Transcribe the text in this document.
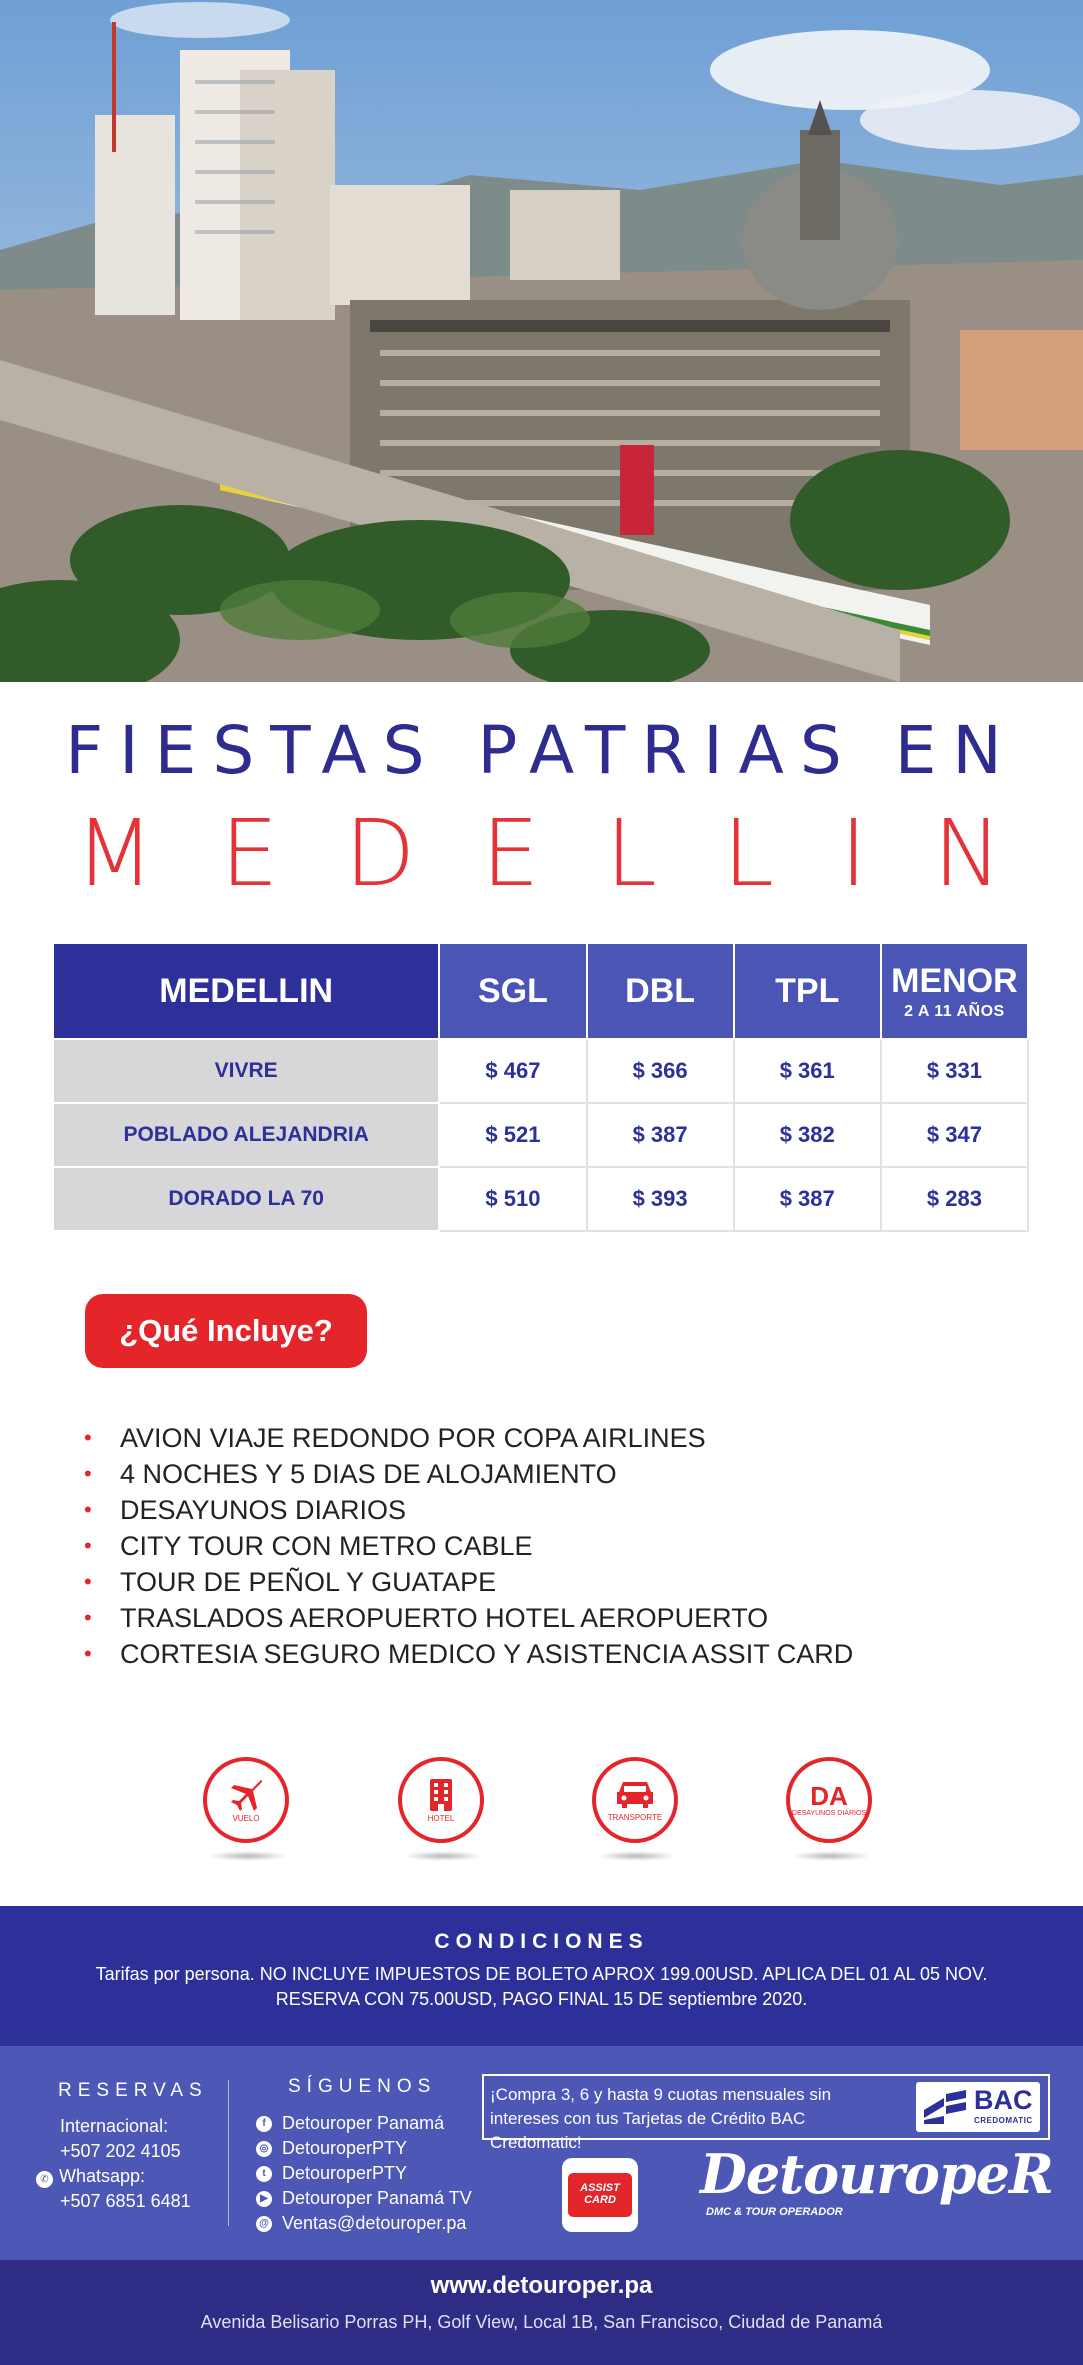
FIESTAS PATRIAS EN
MEDELLIN
MEDELLIN	SGL	DBL	TPL	MENOR
2 A 11 AÑOS

VIVRE	$ 467	$ 366	$ 361	$ 331
POBLADO ALEJANDRIA	$ 521	$ 387	$ 382	$ 347
DORADO LA 70	$ 510	$ 393	$ 387	$ 283
¿Qué Incluye?
• AVION VIAJE REDONDO POR COPA AIRLINES
• 4 NOCHES Y 5 DIAS DE ALOJAMIENTO
• DESAYUNOS DIARIOS
• CITY TOUR CON METRO CABLE
• TOUR DE PEÑOL Y GUATAPE
• TRASLADOS AEROPUERTO HOTEL AEROPUERTO
• CORTESIA SEGURO MEDICO Y ASISTENCIA ASSIT CARD
VUELO	HOTEL	TRANSPORTE
DA
DESAYUNOS DIARIOS
CONDICIONES

Tarifas por persona. NO INCLUYE IMPUESTOS DE BOLETO APROX 199.00USD. APLICA DEL 01 AL 05 NOV.

RESERVA CON 75.00USD, PAGO FINAL 15 DE septiembre 2020.

RESERVAS
Internacional:
+507 202 4105
✆ Whatsapp:
+507 6851 6481
SÍGUENOS
f Detouroper Panamá
◎ DetouroperPTY
t DetouroperPTY
▶ Detouroper Panamá TV
@ Ventas@detouroper.pa
¡Compra 3, 6 y hasta 9 cuotas mensuales sin
intereses con tus Tarjetas de Crédito BAC Credomatic!
BAC
CREDOMATIC
ASSIST CARD DetouropeR
DMC & TOUR OPERADOR
www.detouroper.pa
Avenida Belisario Porras PH, Golf View, Local 1B, San Francisco, Ciudad de Panamá
